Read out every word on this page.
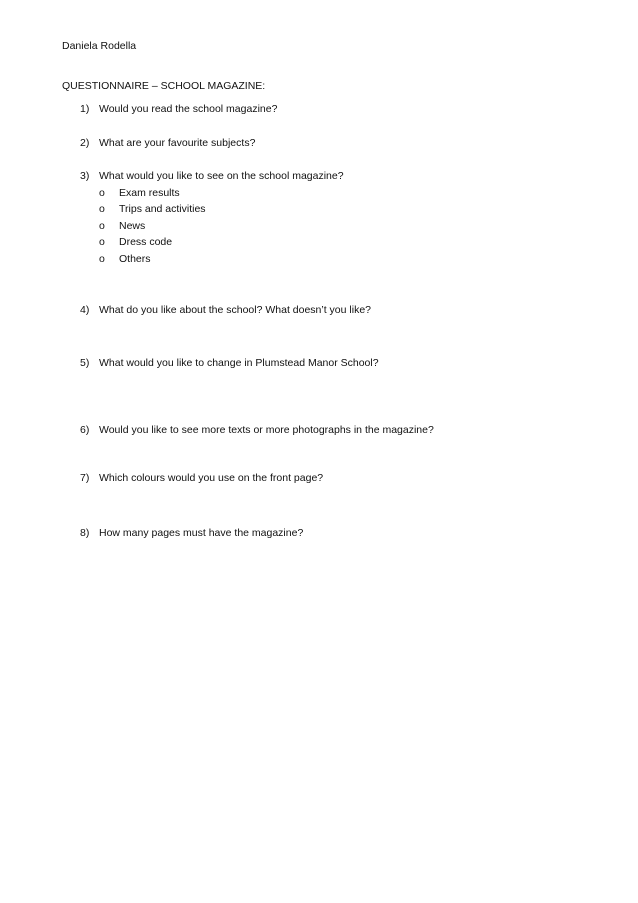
Daniela Rodella
QUESTIONNAIRE – SCHOOL MAGAZINE:
1) Would you read the school magazine?
2) What are your favourite subjects?
3) What would you like to see on the school magazine?
o Exam results
o Trips and activities
o News
o Dress code
o Others
4) What do you like about the school? What doesn’t you like?
5) What would you like to change in Plumstead Manor School?
6) Would you like to see more texts or more photographs in the magazine?
7) Which colours would you use on the front page?
8) How many pages must have the magazine?
